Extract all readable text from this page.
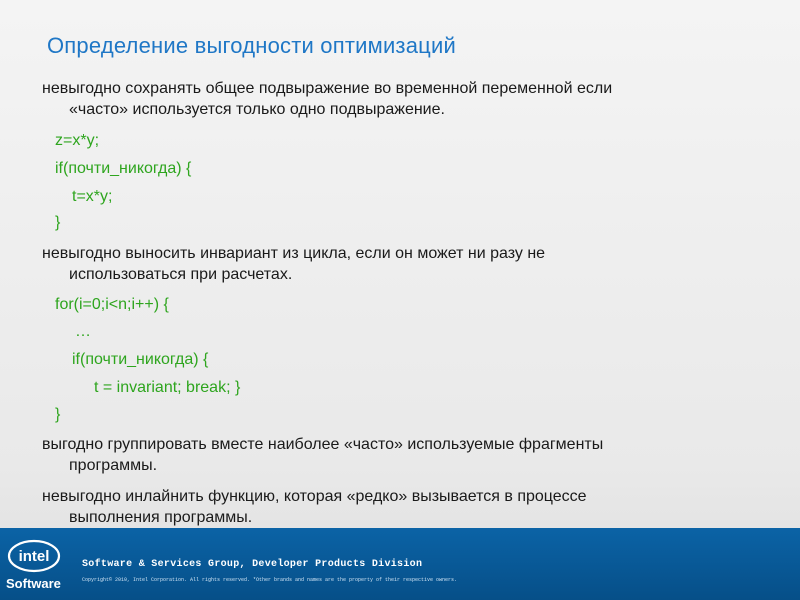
Определение выгодности оптимизаций
невыгодно сохранять общее подвыражение во временной переменной если
«часто» используется только одно подвыражение.
z=x*y;
if(почти_никогда) {
t=x*y;
}
невыгодно выносить инвариант из цикла, если он может ни разу не
использоваться при расчетах.
for(i=0;i<n;i++) {
…
if(почти_никогда) {
t = invariant; break; }
}
выгодно группировать вместе наиболее «часто» используемые фрагменты
программы.
невыгодно инлайнить функцию, которая «редко» вызывается в процессе
выполнения программы.
intel
Software
Software & Services Group, Developer Products Division
Copyright© 2010, Intel Corporation. All rights reserved. *Other brands and names are the property of their respective owners.
